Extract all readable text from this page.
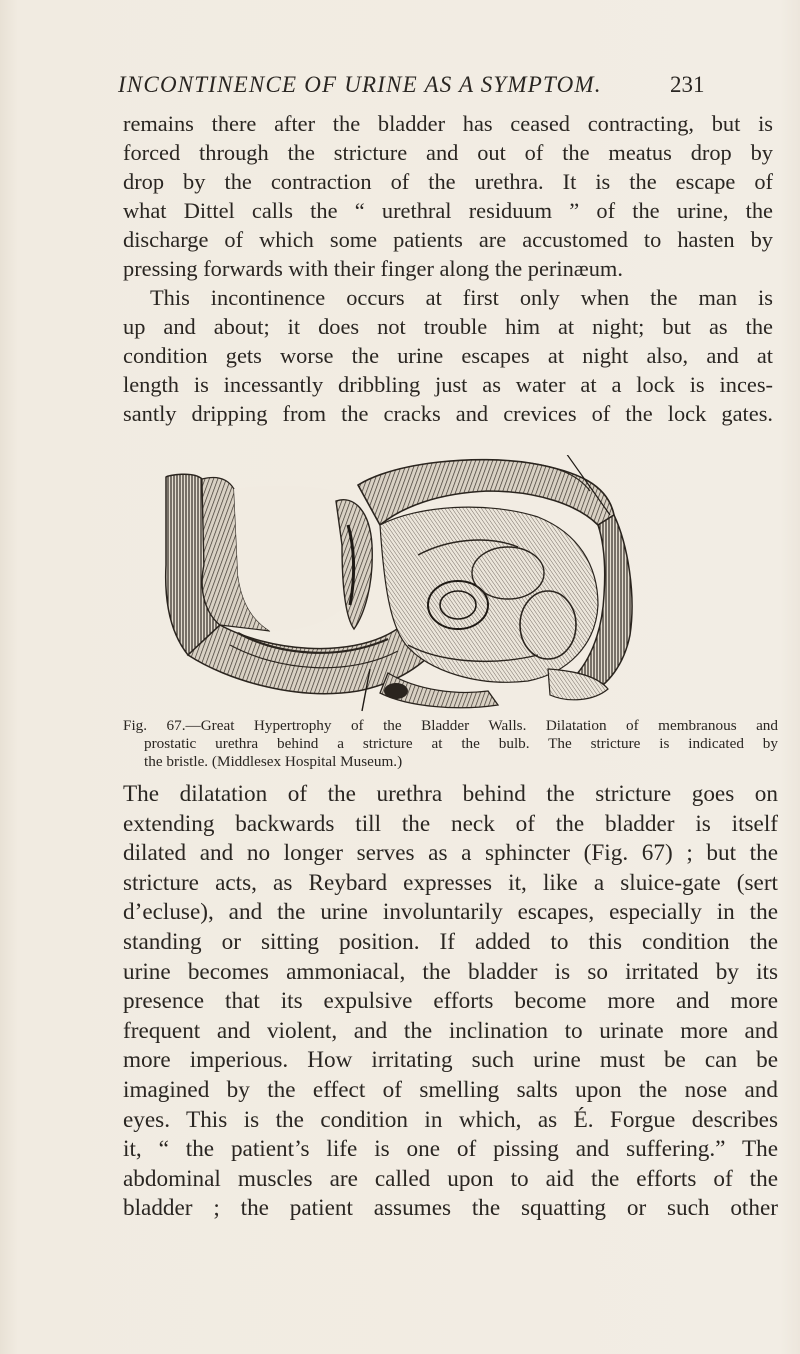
INCONTINENCE OF URINE AS A SYMPTOM.	231
remains there after the bladder has ceased contracting, but is
forced through the stricture and out of the meatus drop by
drop by the contraction of the urethra. It is the escape of
what Dittel calls the “ urethral residuum ” of the urine, the
discharge of which some patients are accustomed to hasten by
pressing forwards with their finger along the perinæum.
This incontinence occurs at first only when the man is
up and about; it does not trouble him at night; but as the
condition gets worse the urine escapes at night also, and at
length is incessantly dribbling just as water at a lock is inces-
santly dripping from the cracks and crevices of the lock gates.
Fig. 67.—Great Hypertrophy of the Bladder Walls. Dilatation of membranous and
prostatic urethra behind a stricture at the bulb. The stricture is indicated by
the bristle. (Middlesex Hospital Museum.)
The dilatation of the urethra behind the stricture goes on
extending backwards till the neck of the bladder is itself
dilated and no longer serves as a sphincter (Fig. 67) ; but the
stricture acts, as Reybard expresses it, like a sluice-gate (sert
d’ecluse), and the urine involuntarily escapes, especially in the
standing or sitting position. If added to this condition the
urine becomes ammoniacal, the bladder is so irritated by its
presence that its expulsive efforts become more and more
frequent and violent, and the inclination to urinate more and
more imperious. How irritating such urine must be can be
imagined by the effect of smelling salts upon the nose and
eyes. This is the condition in which, as É. Forgue describes
it, “ the patient’s life is one of pissing and suffering.” The
abdominal muscles are called upon to aid the efforts of the
bladder ; the patient assumes the squatting or such other
